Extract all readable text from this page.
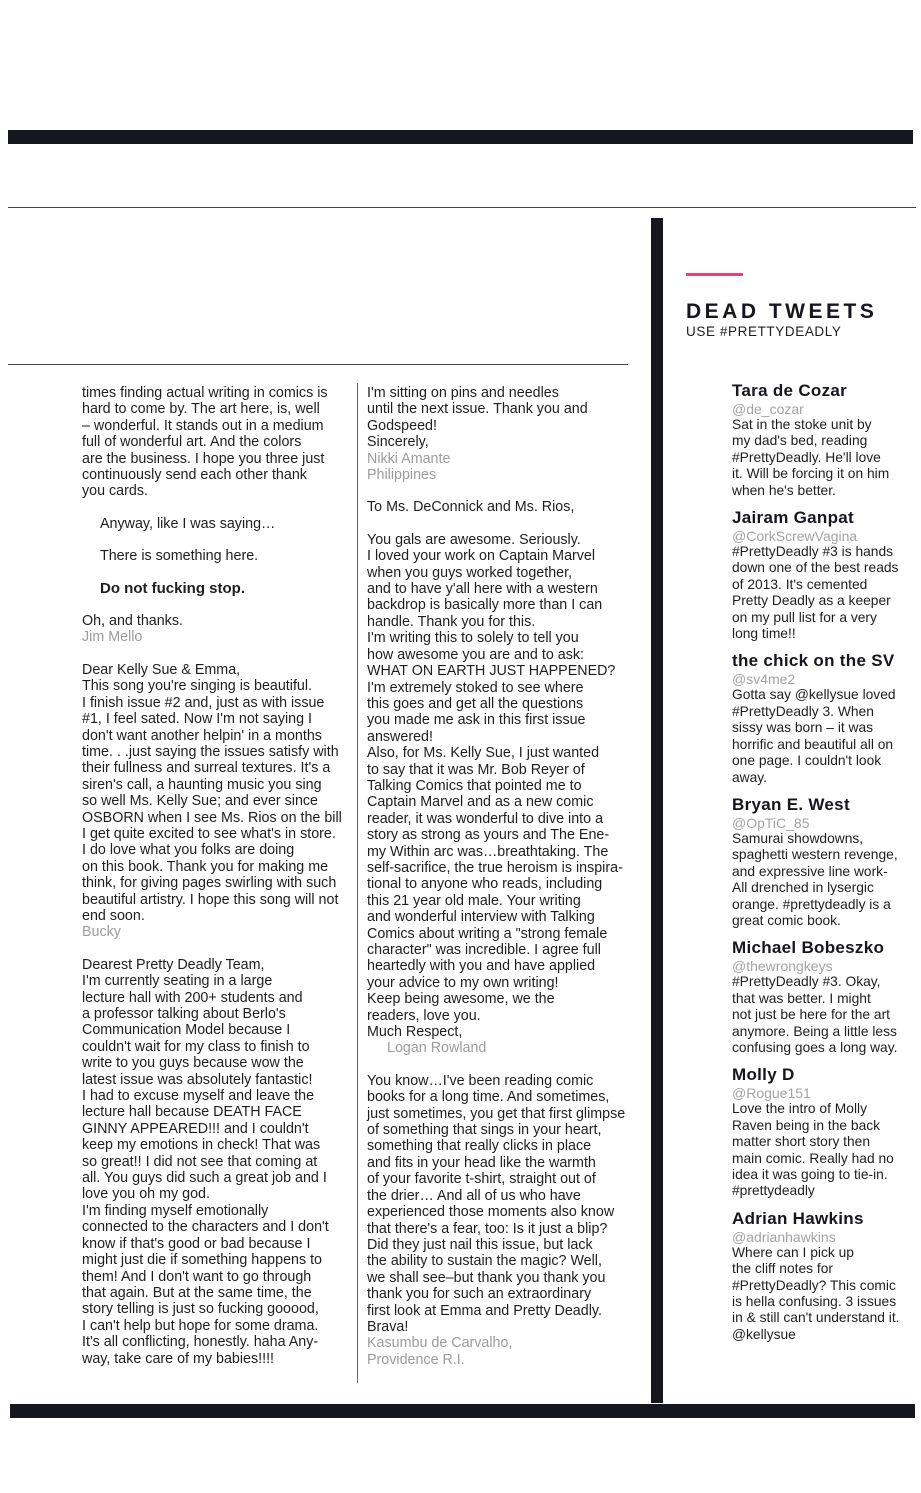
times finding actual writing in comics is
hard to come by. The art here, is, well
– wonderful. It stands out in a medium
full of wonderful art. And the colors
are the business. I hope you three just
continuously send each other thank
you cards.

Anyway, like I was saying…

There is something here.

Do not fucking stop.

Oh, and thanks.

Jim Mello

Dear Kelly Sue & Emma,

This song you're singing is beautiful.
I finish issue #2 and, just as with issue
#1, I feel sated. Now I'm not saying I
don't want another helpin' in a months
time. . .just saying the issues satisfy with
their fullness and surreal textures. It's a
siren's call, a haunting music you sing
so well Ms. Kelly Sue; and ever since
OSBORN when I see Ms. Rios on the bill
I get quite excited to see what's in store.
I do love what you folks are doing
on this book. Thank you for making me
think, for giving pages swirling with such
beautiful artistry. I hope this song will not
end soon.

Bucky

Dearest Pretty Deadly Team,
I'm currently seating in a large
lecture hall with 200+ students and
a professor talking about Berlo's
Communication Model because I
couldn't wait for my class to finish to
write to you guys because wow the
latest issue was absolutely fantastic!
I had to excuse myself and leave the
lecture hall because DEATH FACE
GINNY APPEARED!!! and I couldn't
keep my emotions in check! That was
so great!! I did not see that coming at
all. You guys did such a great job and I
love you oh my god.
I'm finding myself emotionally
connected to the characters and I don't
know if that's good or bad because I
might just die if something happens to
them! And I don't want to go through
that again. But at the same time, the
story telling is just so fucking gooood,
I can't help but hope for some drama.
It's all conflicting, honestly. haha Any-
way, take care of my babies!!!!

I'm sitting on pins and needles
until the next issue. Thank you and
Godspeed!
Sincerely,

Nikki Amante
Philippines

To Ms. DeConnick and Ms. Rios,

You gals are awesome. Seriously.
I loved your work on Captain Marvel
when you guys worked together,
and to have y'all here with a western
backdrop is basically more than I can
handle. Thank you for this.
I'm writing this to solely to tell you
how awesome you are and to ask:
WHAT ON EARTH JUST HAPPENED?
I'm extremely stoked to see where
this goes and get all the questions
you made me ask in this first issue
answered!
Also, for Ms. Kelly Sue, I just wanted
to say that it was Mr. Bob Reyer of
Talking Comics that pointed me to
Captain Marvel and as a new comic
reader, it was wonderful to dive into a
story as strong as yours and The Ene-
my Within arc was…breathtaking. The
self-sacrifice, the true heroism is inspira-
tional to anyone who reads, including
this 21 year old male. Your writing
and wonderful interview with Talking
Comics about writing a "strong female
character" was incredible. I agree full
heartedly with you and have applied
your advice to my own writing!
Keep being awesome, we the
readers, love you.
Much Respect,

Logan Rowland

You know…I've been reading comic
books for a long time. And sometimes,
just sometimes, you get that first glimpse
of something that sings in your heart,
something that really clicks in place
and fits in your head like the warmth
of your favorite t-shirt, straight out of
the drier… And all of us who have
experienced those moments also know
that there's a fear, too: Is it just a blip?
Did they just nail this issue, but lack
the ability to sustain the magic? Well,
we shall see–but thank you thank you
thank you for such an extraordinary
first look at Emma and Pretty Deadly.
Brava!

Kasumbu de Carvalho,
Providence R.I.

DEAD TWEETS
USE #PRETTYDEADLY
Tara de Cozar
@de_cozar
Sat in the stoke unit by
my dad's bed, reading
#PrettyDeadly. He'll love
it. Will be forcing it on him
when he's better.
Jairam Ganpat
@CorkScrewVagina
#PrettyDeadly #3 is hands
down one of the best reads
of 2013. It's cemented
Pretty Deadly as a keeper
on my pull list for a very
long time!!
the chick on the SV
@sv4me2
Gotta say @kellysue loved
#PrettyDeadly 3. When
sissy was born – it was
horrific and beautiful all on
one page. I couldn't look
away.
Bryan E. West
@OpTiC_85
Samurai showdowns,
spaghetti western revenge,
and expressive line work-
All drenched in lysergic
orange. #prettydeadly is a
great comic book.
Michael Bobeszko
@thewrongkeys
#PrettyDeadly #3. Okay,
that was better. I might
not just be here for the art
anymore. Being a little less
confusing goes a long way.
Molly D
@Rogue151
Love the intro of Molly
Raven being in the back
matter short story then
main comic. Really had no
idea it was going to tie-in.
#prettydeadly
Adrian Hawkins
@adrianhawkins
Where can I pick up
the cliff notes for
#PrettyDeadly? This comic
is hella confusing. 3 issues
in & still can't understand it.
@kellysue
